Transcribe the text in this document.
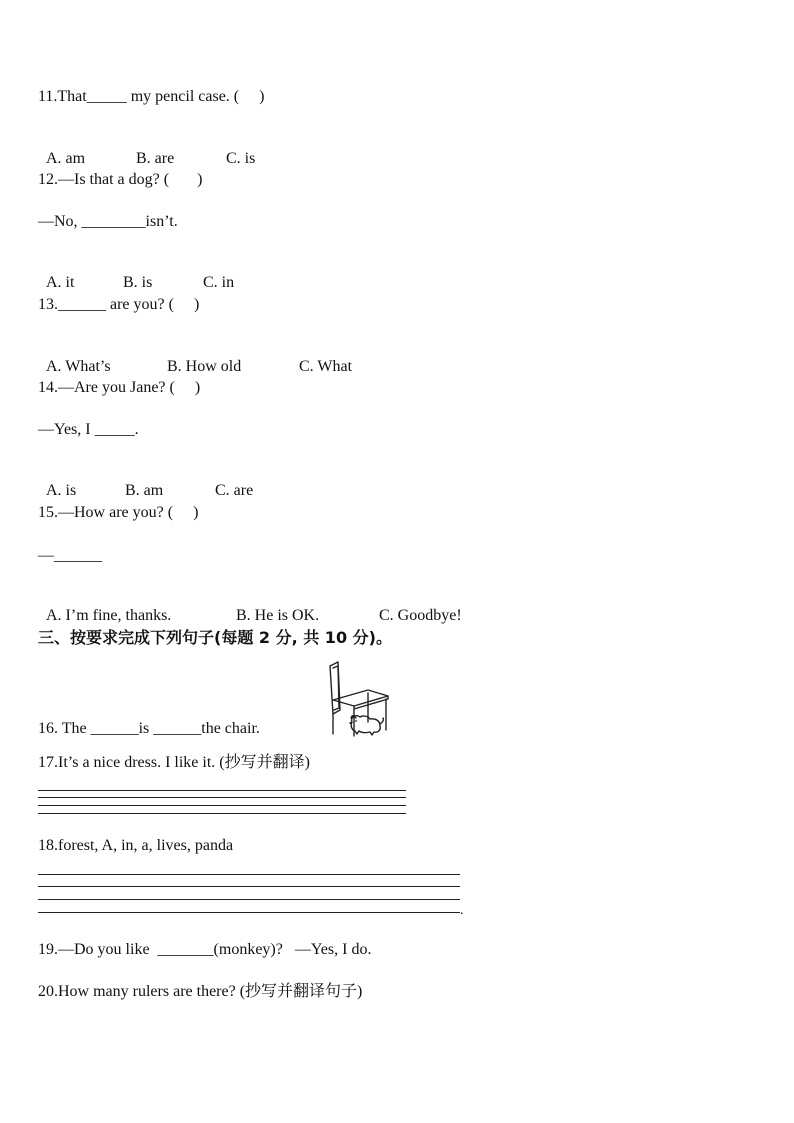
11.That_____ my pencil case. (     )

A. am	B. are	C. is

12.—Is that a dog? (       )
—No, ________isn’t.

A. it	B. is	C. in

13.______ are you? (     )

A. What’s	B. How old	C. What

14.—Are you Jane? (     )
—Yes, I _____.

A. is	B. am	C. are

15.—How are you? (     )
—______

A. I’m fine, thanks.	B. He is OK.	C. Goodbye!

三、按要求完成下列句子(每题 2 分, 共 10 分)。
16. The ______is ______the chair.
17.It’s a nice dress. I like it. (抄写并翻译)
18.forest, A, in, a, lives, panda
.
19.—Do you like  _______(monkey)?   —Yes, I do.
20.How many rulers are there? (抄写并翻译句子)
